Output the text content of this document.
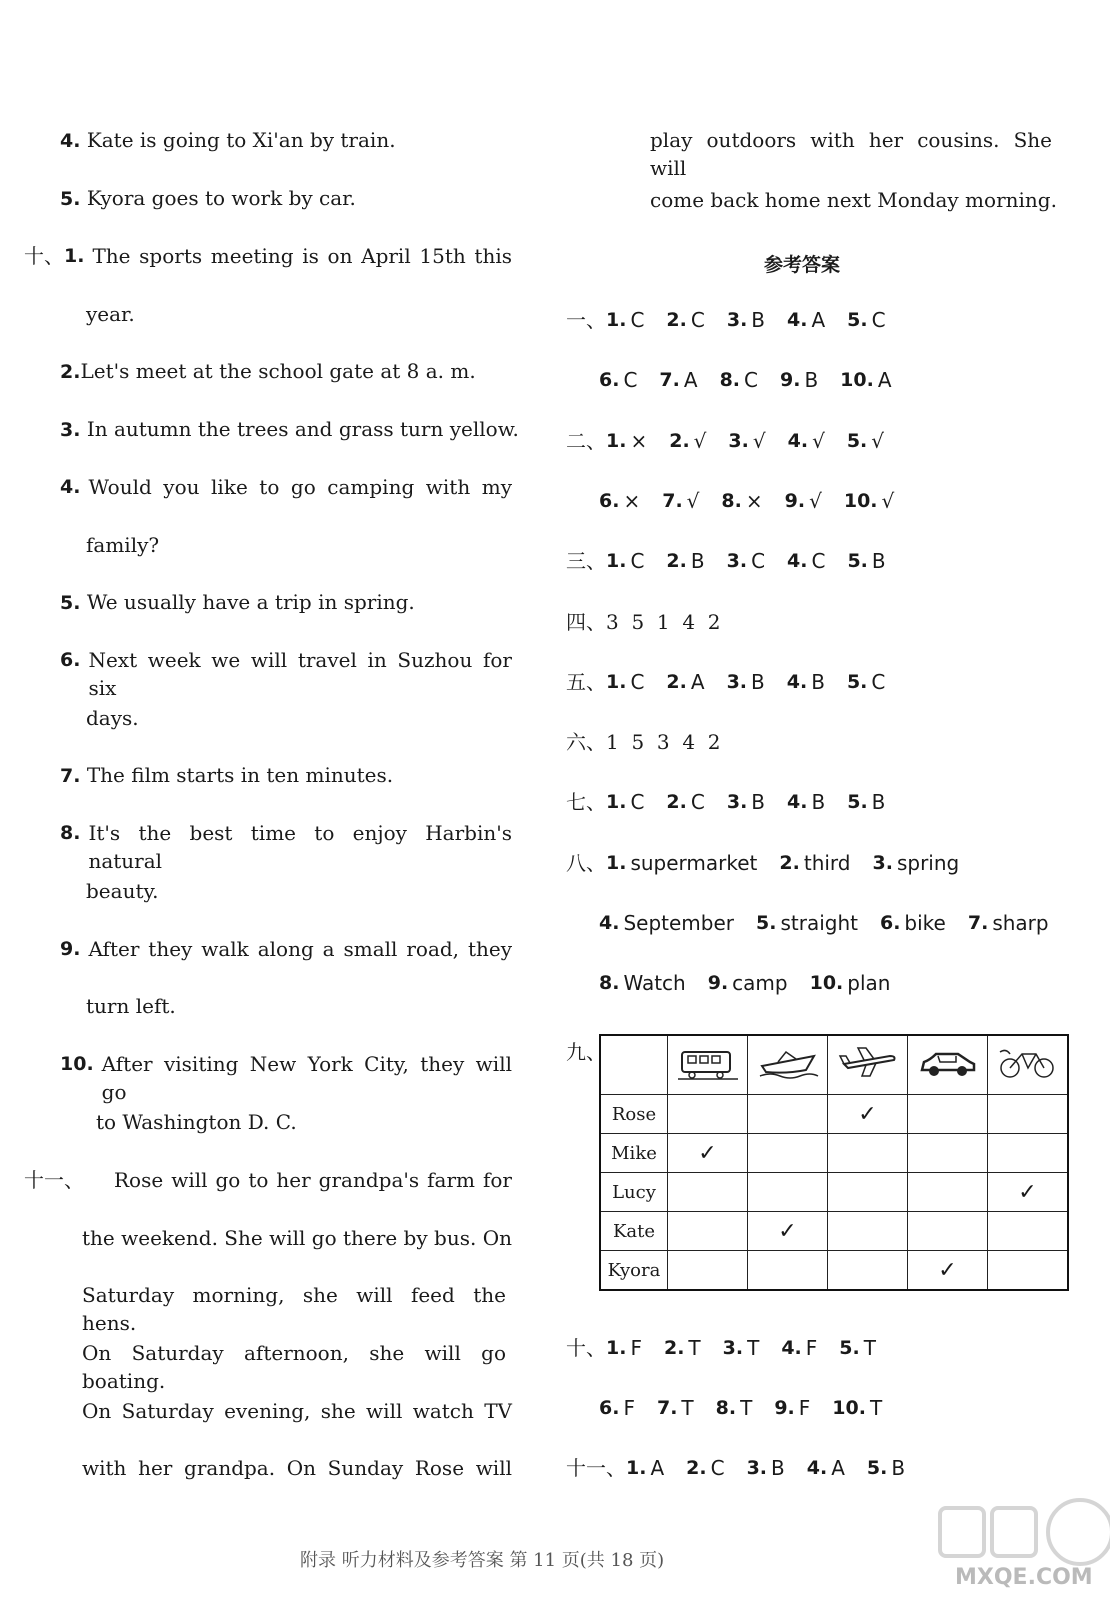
4. Kate is going to Xi'an by train.
5. Kyora goes to work by car.
十、 1. The sports meeting is on April 15th this
year.
2.Let's meet at the school gate at 8 a. m.
3. In autumn the trees and grass turn yellow.
4. Would you like to go camping with my
family?
5. We usually have a trip in spring.
6. Next week we will travel in Suzhou for six
days.
7. The film starts in ten minutes.
8. It's the best time to enjoy Harbin's natural
beauty.
9. After they walk along a small road, they
turn left.
10. After visiting New York City, they will go
to Washington D. C.
十一、 Rose will go to her grandpa's farm for
the weekend. She will go there by bus. On
Saturday morning, she will feed the hens.
On Saturday afternoon, she will go boating.
On Saturday evening, she will watch TV
with her grandpa. On Sunday Rose will
play outdoors with her cousins. She will
come back home next Monday morning.
参考答案
一、 1. C 2. C 3. B 4. A 5. C
6. C 7. A 8. C 9. B 10. A
二、 1. × 2. √ 3. √ 4. √ 5. √
6. × 7. √ 8. × 9. √ 10. √
三、 1. C 2. B 3. C 4. C 5. B
四、3  5  1  4  2
五、 1. C 2. A 3. B 4. B 5. C
六、1  5  3  4  2
七、 1. C 2. C 3. B 4. B 5. B
八、 1. supermarket 2. third 3. spring
4. September 5. straight 6. bike 7. sharp
8. Watch 9. camp 10. plan
九、

Rose			✓		
Mike	✓				
Lucy					✓
Kate		✓			
Kyora				✓	
十、 1. F 2. T 3. T 4. F 5. T
6. F 7. T 8. T 9. F 10. T
十一、 1. A 2. C 3. B 4. A 5. B
附录 听力材料及参考答案 第 11 页(共 18 页)
MXQE.COM
